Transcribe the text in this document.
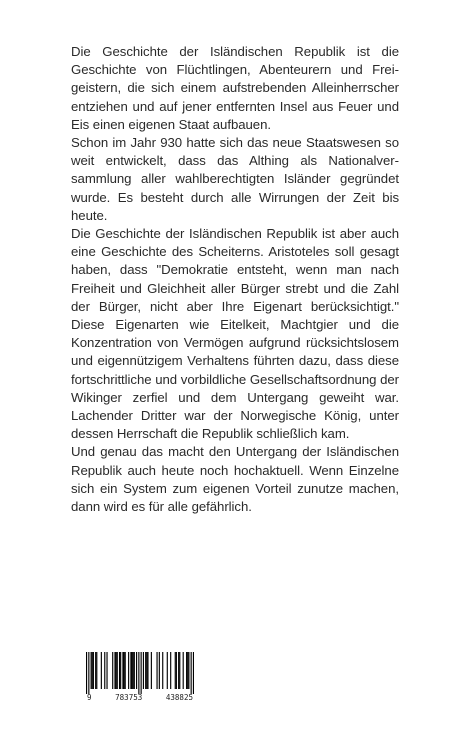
Die Geschichte der Isländischen Republik ist die Geschichte von Flüchtlingen, Abenteurern und Freigeistern, die sich einem aufstrebenden Alleinherrscher entziehen und auf jener entfernten Insel aus Feuer und Eis einen eigenen Staat aufbauen.

Schon im Jahr 930 hatte sich das neue Staatswesen so weit entwickelt, dass das Althing als Nationalversammlung aller wahlberechtigten Isländer gegründet wurde. Es besteht durch alle Wirrungen der Zeit bis heute.

Die Geschichte der Isländischen Republik ist aber auch eine Geschichte des Scheiterns. Aristoteles soll gesagt haben, dass "Demokratie entsteht, wenn man nach Freiheit und Gleichheit aller Bürger strebt und die Zahl der Bürger, nicht aber Ihre Eigenart berücksichtigt." Diese Eigenarten wie Eitelkeit, Machtgier und die Konzentration von Vermögen aufgrund rücksichtslosem und eigennützigem Verhaltens führten dazu, dass diese fortschrittliche und vorbildliche Gesellschaftsordnung der Wikinger zerfiel und dem Untergang geweiht war. Lachender Dritter war der Norwegische König, unter dessen Herrschaft die Republik schließlich kam.

Und genau das macht den Untergang der Isländischen Republik auch heute noch hochaktuell. Wenn Einzelne sich ein System zum eigenen Vorteil zunutze machen, dann wird es für alle gefährlich.

9	783753	438825
